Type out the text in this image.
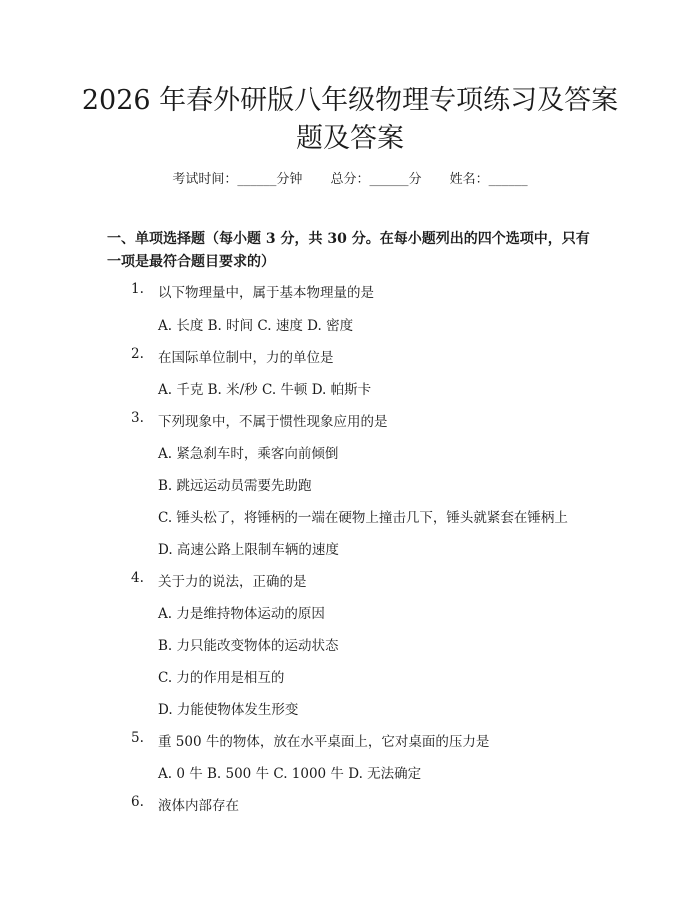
2026 年春外研版八年级物理专项练习及答案
题及答案
考试时间：______分钟 总分：______分 姓名：______
一、单项选择题（每小题 3 分，共 30 分。在每小题列出的四个选项中，只有一项是最符合题目要求的）
1.	以下物理量中，属于基本物理量的是
A. 长度 B. 时间 C. 速度 D. 密度
2.	在国际单位制中，力的单位是
A. 千克 B. 米/秒 C. 牛顿 D. 帕斯卡
3.	下列现象中，不属于惯性现象应用的是
A. 紧急刹车时，乘客向前倾倒
B. 跳远运动员需要先助跑
C. 锤头松了，将锤柄的一端在硬物上撞击几下，锤头就紧套在锤柄上
D. 高速公路上限制车辆的速度
4.	关于力的说法，正确的是
A. 力是维持物体运动的原因
B. 力只能改变物体的运动状态
C. 力的作用是相互的
D. 力能使物体发生形变
5.	重 500 牛的物体，放在水平桌面上，它对桌面的压力是
A. 0 牛 B. 500 牛 C. 1000 牛 D. 无法确定
6.	液体内部存在
